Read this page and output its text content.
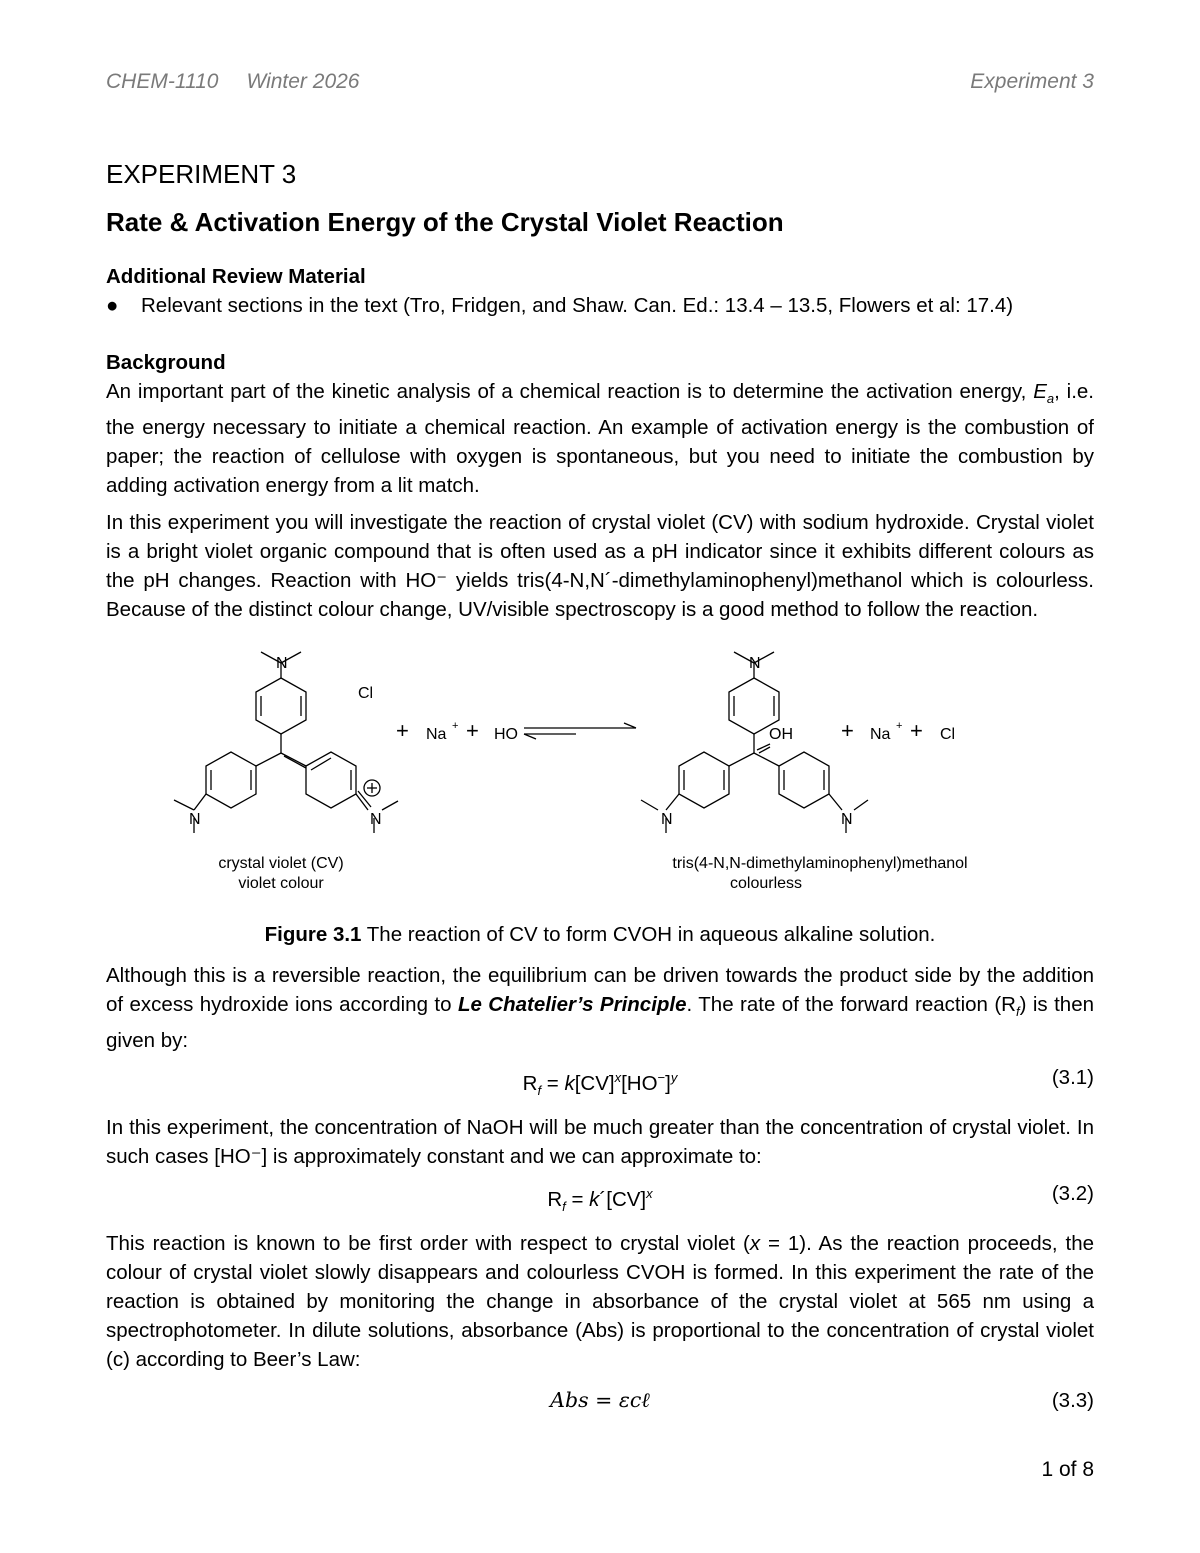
CHEM-1110 Winter 2026	Experiment 3
EXPERIMENT 3
Rate & Activation Energy of the Crystal Violet Reaction
Additional Review Material
●	Relevant sections in the text (Tro, Fridgen, and Shaw. Can. Ed.: 13.4 – 13.5, Flowers et al: 17.4)
Background

An important part of the kinetic analysis of a chemical reaction is to determine the activation energy, $E_a$, i.e. the energy necessary to initiate a chemical reaction. An example of activation energy is the combustion of paper; the reaction of cellulose with oxygen is spontaneous, but you need to initiate the combustion by adding activation energy from a lit match.

In this experiment you will investigate the reaction of crystal violet (CV) with sodium hydroxide. Crystal violet is a bright violet organic compound that is often used as a pH indicator since it exhibits different colours as the pH changes. Reaction with HO⁻ yields tris(4-N,N´-dimethylaminophenyl)methanol which is colourless. Because of the distinct colour change, UV/visible spectroscopy is a good method to follow the reaction.

N
N	N
Cl
+ Na + + HO
N
N	N
OH + Na + + Cl
crystal violet (CV)
violet colour
tris(4-N,N-dimethylaminophenyl)methanol
colourless
Figure 3.1 The reaction of CV to form CVOH in aqueous alkaline solution.

Although this is a reversible reaction, the equilibrium can be driven towards the product side by the addition of excess hydroxide ions according to Le Chatelier’s Principle. The rate of the forward reaction $(R_f)$ is then given by:

$R_f = k[CV]^x[HO^-]^y$	(3.1)

In this experiment, the concentration of NaOH will be much greater than the concentration of crystal violet. In such cases [HO⁻] is approximately constant and we can approximate to:

$R_f$ = k´[CV]$^x$	(3.2)

This reaction is known to be first order with respect to crystal violet (x = 1). As the reaction proceeds, the colour of crystal violet slowly disappears and colourless CVOH is formed. In this experiment the rate of the reaction is obtained by monitoring the change in absorbance of the crystal violet at 565 nm using a spectrophotometer. In dilute solutions, absorbance (Abs) is proportional to the concentration of crystal violet (c) according to Beer’s Law:

Abs = εcℓ	(3.3)
1 of 8
